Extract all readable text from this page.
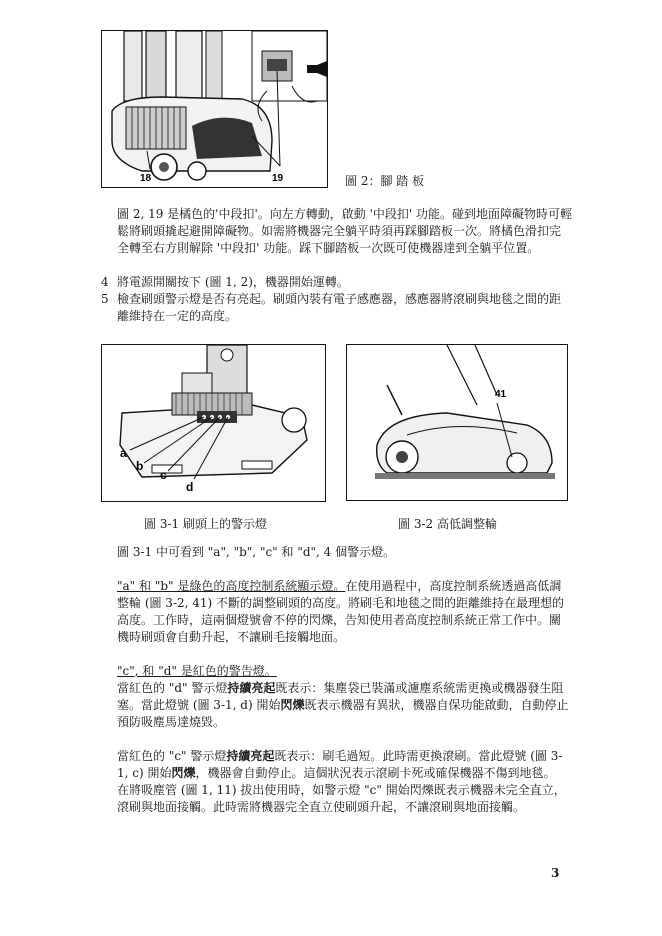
18	19	圖 2：腳 踏 板

圖 2, 19 是橘色的'中段扣'。向左方轉動，啟動 '中段扣' 功能。碰到地面障礙物時可輕鬆將刷頭撬起避開障礙物。如需將機器完全躺平時須再踩腳踏板一次。將橘色滑扣完全轉至右方則解除 '中段扣' 功能。踩下腳踏板一次既可使機器達到全躺平位置。

4 將電源開關按下 (圖 1, 2)，機器開始運轉。
5 檢查刷頭警示燈是否有亮起。刷頭內裝有電子感應器，感應器將滾刷與地毯之間的距離維持在一定的高度。
a
b
c
d
圖 3-1 刷頭上的警示燈
41
圖 3-2 高低調整輪

圖 3-1 中可看到 "a", "b", "c" 和 "d", 4 個警示燈。

"a" 和 "b" 是綠色的高度控制系統顯示燈。在使用過程中，高度控制系統透過高低調整輪 (圖 3-2, 41) 不斷的調整刷頭的高度。將刷毛和地毯之間的距離維持在最理想的高度。工作時，這兩個燈號會不停的閃爍，告知使用者高度控制系統正常工作中。關機時刷頭會自動升起，不讓刷毛接觸地面。

"c", 和 "d" 是紅色的警告燈。

當紅色的 "d" 警示燈持續亮起既表示：集塵袋已裝滿或濾塵系統需更換或機器發生阻塞。當此燈號 (圖 3-1, d) 開始閃爍既表示機器有異狀，機器自保功能啟動，自動停止預防吸塵馬達燒毀。

當紅色的 "c" 警示燈持續亮起既表示：刷毛過短。此時需更換滾刷。當此燈號 (圖 3-1, c) 開始閃爍，機器會自動停止。這個狀況表示滾刷卡死或確保機器不傷到地毯。

在將吸塵管 (圖 1, 11) 拔出使用時，如警示燈 "c" 開始閃爍既表示機器未完全直立，滾刷與地面接觸。此時需將機器完全直立使刷頭升起，不讓滾刷與地面接觸。

3
